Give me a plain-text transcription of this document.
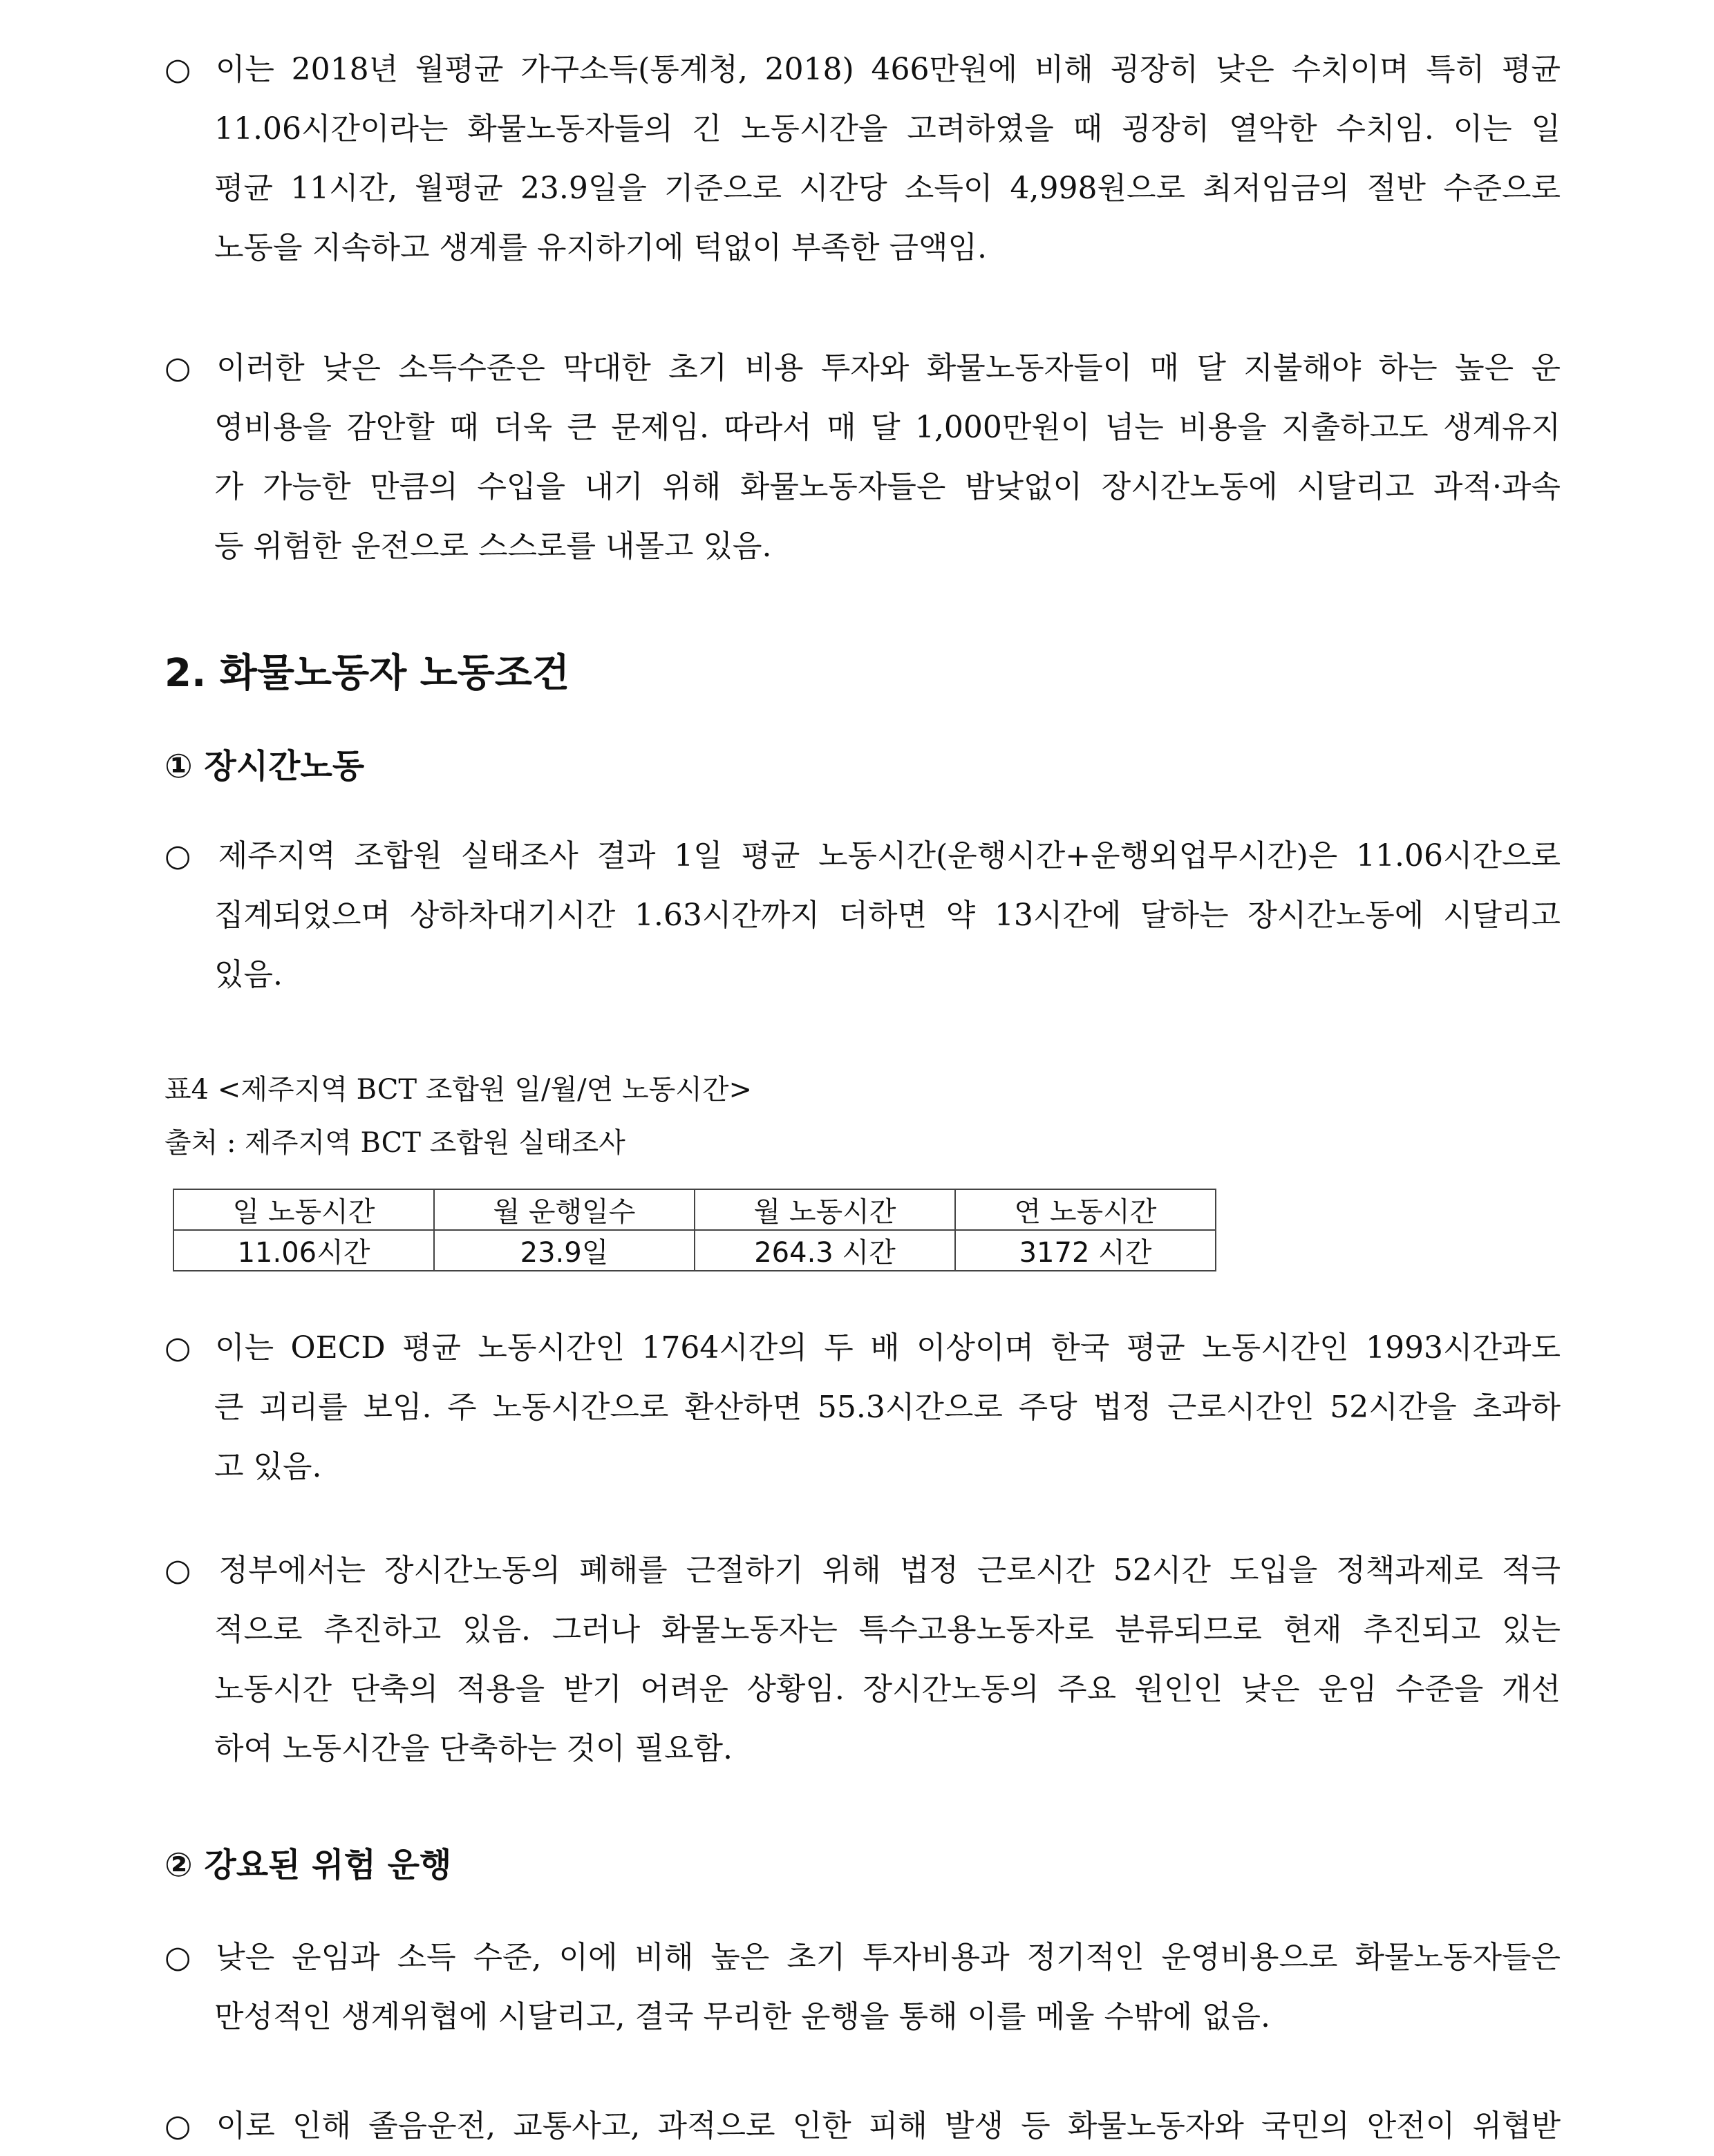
○ 이는 2018년 월평균 가구소득(통계청, 2018) 466만원에 비해 굉장히 낮은 수치이며 특히 평균
11.06시간이라는 화물노동자들의 긴 노동시간을 고려하였을 때 굉장히 열악한 수치임. 이는 일
평균 11시간, 월평균 23.9일을 기준으로 시간당 소득이 4,998원으로 최저임금의 절반 수준으로
노동을 지속하고 생계를 유지하기에 턱없이 부족한 금액임.
○ 이러한 낮은 소득수준은 막대한 초기 비용 투자와 화물노동자들이 매 달 지불해야 하는 높은 운
영비용을 감안할 때 더욱 큰 문제임. 따라서 매 달 1,000만원이 넘는 비용을 지출하고도 생계유지
가 가능한 만큼의 수입을 내기 위해 화물노동자들은 밤낮없이 장시간노동에 시달리고 과적·과속
등 위험한 운전으로 스스로를 내몰고 있음.
2. 화물노동자 노동조건
① 장시간노동
○ 제주지역 조합원 실태조사 결과 1일 평균 노동시간(운행시간+운행외업무시간)은 11.06시간으로
집계되었으며 상하차대기시간 1.63시간까지 더하면 약 13시간에 달하는 장시간노동에 시달리고
있음.
표4 <제주지역 BCT 조합원 일/월/연 노동시간>
출처 : 제주지역 BCT 조합원 실태조사
일 노동시간	월 운행일수	월 노동시간	연 노동시간
11.06시간	23.9일	264.3 시간	3172 시간
○ 이는 OECD 평균 노동시간인 1764시간의 두 배 이상이며 한국 평균 노동시간인 1993시간과도
큰 괴리를 보임. 주 노동시간으로 환산하면 55.3시간으로 주당 법정 근로시간인 52시간을 초과하
고 있음.
○ 정부에서는 장시간노동의 폐해를 근절하기 위해 법정 근로시간 52시간 도입을 정책과제로 적극
적으로 추진하고 있음. 그러나 화물노동자는 특수고용노동자로 분류되므로 현재 추진되고 있는
노동시간 단축의 적용을 받기 어려운 상황임. 장시간노동의 주요 원인인 낮은 운임 수준을 개선
하여 노동시간을 단축하는 것이 필요함.
② 강요된 위험 운행
○ 낮은 운임과 소득 수준, 이에 비해 높은 초기 투자비용과 정기적인 운영비용으로 화물노동자들은
만성적인 생계위협에 시달리고, 결국 무리한 운행을 통해 이를 메울 수밖에 없음.
○ 이로 인해 졸음운전, 교통사고, 과적으로 인한 피해 발생 등 화물노동자와 국민의 안전이 위협받
